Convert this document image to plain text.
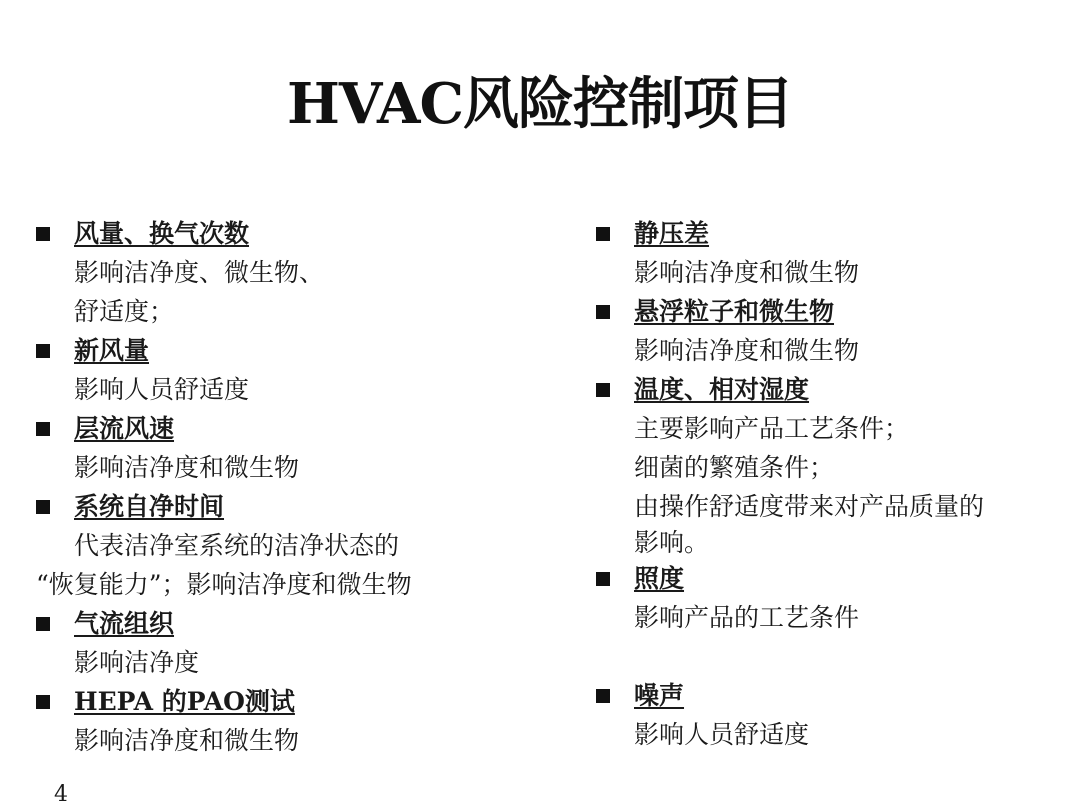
HVAC风险控制项目
风量、换气次数
影响洁净度、微生物、
舒适度；
新风量
影响人员舒适度
层流风速
影响洁净度和微生物
系统自净时间
代表洁净室系统的洁净状态的
“恢复能力”；影响洁净度和微生物
气流组织
影响洁净度
HEPA 的PAO测试
影响洁净度和微生物
静压差
影响洁净度和微生物
悬浮粒子和微生物
影响洁净度和微生物
温度、相对湿度
主要影响产品工艺条件；
细菌的繁殖条件；
由操作舒适度带来对产品质量的
影响。
照度
影响产品的工艺条件
噪声
影响人员舒适度
4
